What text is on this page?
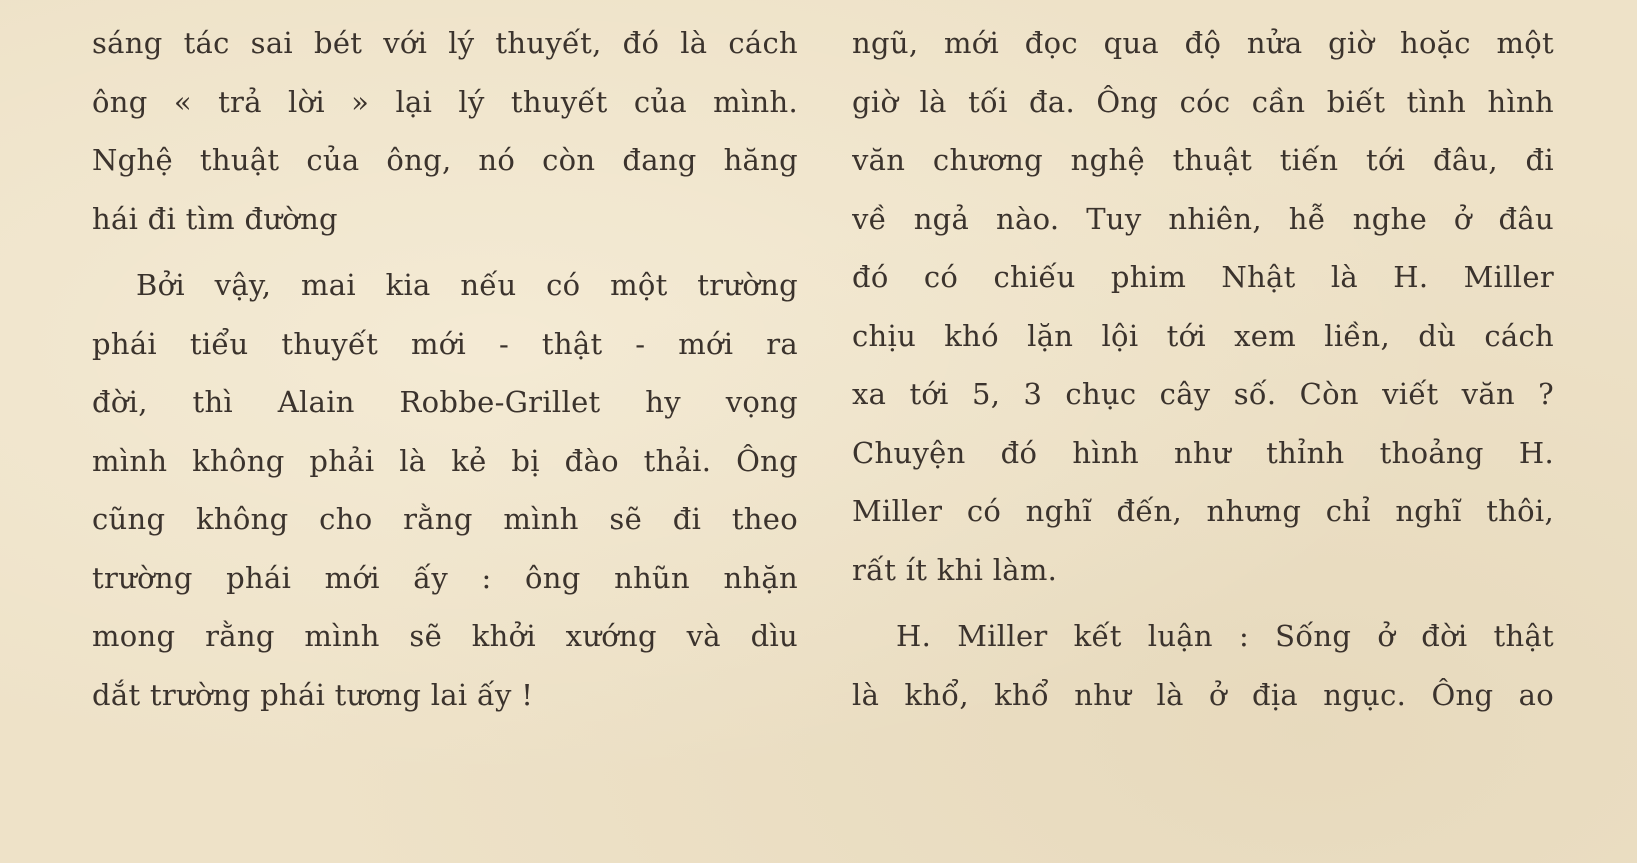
sáng tác sai bét với lý thuyết, đó là cách
ông « trả lời » lại lý thuyết của mình.
Nghệ thuật của ông, nó còn đang hăng
hái đi tìm đường
Bởi vậy, mai kia nếu có một trường
phái tiểu thuyết mới - thật - mới ra
đời, thì Alain Robbe-Grillet hy vọng
mình không phải là kẻ bị đào thải. Ông
cũng không cho rằng mình sẽ đi theo
trường phái mới ấy : ông nhũn nhặn
mong rằng mình sẽ khởi xướng và dìu
dắt trường phái tương lai ấy !
ngũ, mới đọc qua độ nửa giờ hoặc một
giờ là tối đa. Ông cóc cần biết tình hình
văn chương nghệ thuật tiến tới đâu, đi
về ngả nào. Tuy nhiên, hễ nghe ở đâu
đó có chiếu phim Nhật là H. Miller
chịu khó lặn lội tới xem liền, dù cách
xa tới 5, 3 chục cây số. Còn viết văn ?
Chuyện đó hình như thỉnh thoảng H.
Miller có nghĩ đến, nhưng chỉ nghĩ thôi,
rất ít khi làm.
H. Miller kết luận : Sống ở đời thật
là khổ, khổ như là ở địa ngục. Ông ao
